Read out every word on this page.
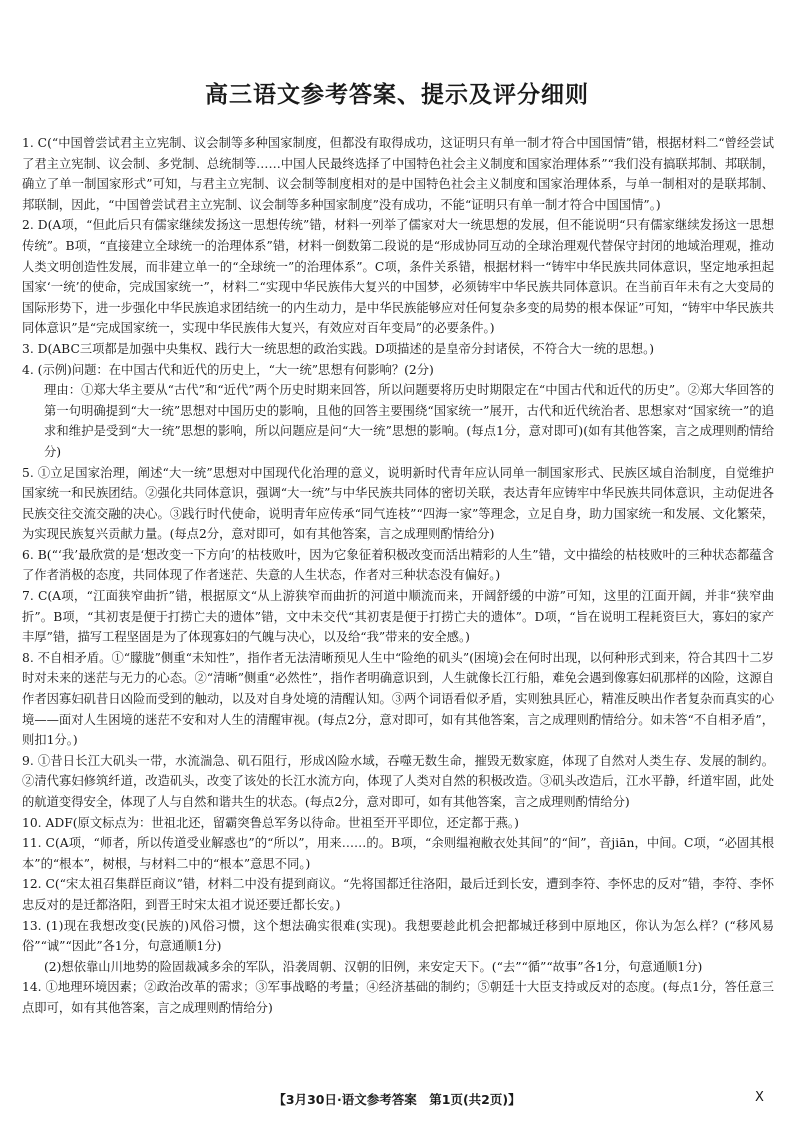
高三语文参考答案、提示及评分细则

1. C(“中国曾尝试君主立宪制、议会制等多种国家制度，但都没有取得成功，这证明只有单一制才符合中国国情”错，根据材料二“曾经尝试了君主立宪制、议会制、多党制、总统制等……中国人民最终选择了中国特色社会主义制度和国家治理体系”“我们没有搞联邦制、邦联制，确立了单一制国家形式”可知，与君主立宪制、议会制等制度相对的是中国特色社会主义制度和国家治理体系，与单一制相对的是联邦制、邦联制，因此，“中国曾尝试君主立宪制、议会制等多种国家制度”没有成功，不能“证明只有单一制才符合中国国情”。)

2. D(A项，“但此后只有儒家继续发扬这一思想传统”错，材料一列举了儒家对大一统思想的发展，但不能说明“只有儒家继续发扬这一思想传统”。B项，“直接建立全球统一的治理体系”错，材料一倒数第二段说的是“形成协同互动的全球治理观代替保守封闭的地域治理观，推动人类文明创造性发展，而非建立单一的“全球统一”的治理体系”。C项，条件关系错，根据材料一“铸牢中华民族共同体意识，坚定地承担起国家‘一统’的使命，完成国家统一”，材料二“实现中华民族伟大复兴的中国梦，必须铸牢中华民族共同体意识。在当前百年未有之大变局的国际形势下，进一步强化中华民族追求团结统一的内生动力，是中华民族能够应对任何复杂多变的局势的根本保证”可知，“铸牢中华民族共同体意识”是“完成国家统一，实现中华民族伟大复兴，有效应对百年变局”的必要条件。)

3. D(ABC三项都是加强中央集权、践行大一统思想的政治实践。D项描述的是皇帝分封诸侯，不符合大一统的思想。)

4. (示例)问题：在中国古代和近代的历史上，“大一统”思想有何影响？(2分)

理由：①郑大华主要从“古代”和“近代”两个历史时期来回答，所以问题要将历史时期限定在“中国古代和近代的历史”。②郑大华回答的第一句明确提到“大一统”思想对中国历史的影响，且他的回答主要围绕“国家统一”展开，古代和近代统治者、思想家对“国家统一”的追求和维护是受到“大一统”思想的影响，所以问题应是问“大一统”思想的影响。(每点1分，意对即可)(如有其他答案，言之成理则酌情给分)

5. ①立足国家治理，阐述“大一统”思想对中国现代化治理的意义，说明新时代青年应认同单一制国家形式、民族区域自治制度，自觉维护国家统一和民族团结。②强化共同体意识，强调“大一统”与中华民族共同体的密切关联，表达青年应铸牢中华民族共同体意识，主动促进各民族交往交流交融的决心。③践行时代使命，说明青年应传承“同气连枝”“四海一家”等理念，立足自身，助力国家统一和发展、文化繁荣，为实现民族复兴贡献力量。(每点2分，意对即可，如有其他答案，言之成理则酌情给分)

6. B(“‘我’最欣赏的是‘想改变一下方向’的枯枝败叶，因为它象征着积极改变而活出精彩的人生”错，文中描绘的枯枝败叶的三种状态都蕴含了作者消极的态度，共同体现了作者迷茫、失意的人生状态，作者对三种状态没有偏好。)

7. C(A项，“江面狭窄曲折”错，根据原文“从上游狭窄而曲折的河道中顺流而来，开阔舒缓的中游”可知，这里的江面开阔，并非“狭窄曲折”。B项，“其初衷是便于打捞亡夫的遗体”错，文中未交代“其初衷是便于打捞亡夫的遗体”。D项，“旨在说明工程耗资巨大，寡妇的家产丰厚”错，描写工程坚固是为了体现寡妇的气魄与决心，以及给“我”带来的安全感。)

8. 不自相矛盾。①“朦胧”侧重“未知性”，指作者无法清晰预见人生中“险绝的矶头”(困境)会在何时出现，以何种形式到来，符合其四十二岁时对未来的迷茫与无力的心态。②“清晰”侧重“必然性”，指作者明确意识到，人生就像长江行船，难免会遇到像寡妇矶那样的凶险，这源自作者因寡妇矶昔日凶险而受到的触动，以及对自身处境的清醒认知。③两个词语看似矛盾，实则独具匠心，精准反映出作者复杂而真实的心境——面对人生困境的迷茫不安和对人生的清醒审视。(每点2分，意对即可，如有其他答案，言之成理则酌情给分。如未答“不自相矛盾”，则扣1分。)

9. ①昔日长江大矶头一带，水流湍急、矶石阻行，形成凶险水域，吞噬无数生命，摧毁无数家庭，体现了自然对人类生存、发展的制约。②清代寡妇修筑纤道，改造矶头，改变了该处的长江水流方向，体现了人类对自然的积极改造。③矶头改造后，江水平静，纤道牢固，此处的航道变得安全，体现了人与自然和谐共生的状态。(每点2分，意对即可，如有其他答案，言之成理则酌情给分)

10. ADF(原文标点为：世祖北还，留霸突鲁总军务以待命。世祖至开平即位，还定都于燕。)

11. C(A项，“师者，所以传道受业解惑也”的“所以”，用来……的。B项，“余则缊袍敝衣处其间”的“间”，音jiān，中间。C项，“必固其根本”的“根本”，树根，与材料二中的“根本”意思不同。)

12. C(“宋太祖召集群臣商议”错，材料二中没有提到商议。“先将国都迁往洛阳，最后迁到长安，遭到李符、李怀忠的反对”错，李符、李怀忠反对的是迁都洛阳，到晋王时宋太祖才说还要迁都长安。)

13. (1)现在我想改变(民族的)风俗习惯，这个想法确实很难(实现)。我想要趁此机会把都城迁移到中原地区，你认为怎么样？(“移风易俗”“诚”“因此”各1分，句意通顺1分)

(2)想依靠山川地势的险固裁减多余的军队，沿袭周朝、汉朝的旧例，来安定天下。(“去”“循”“故事”各1分，句意通顺1分)

14. ①地理环境因素；②政治改革的需求；③军事战略的考量；④经济基础的制约；⑤朝廷十大臣支持或反对的态度。(每点1分，答任意三点即可，如有其他答案，言之成理则酌情给分)

【3月30日·语文参考答案　第1页(共2页)】	X
